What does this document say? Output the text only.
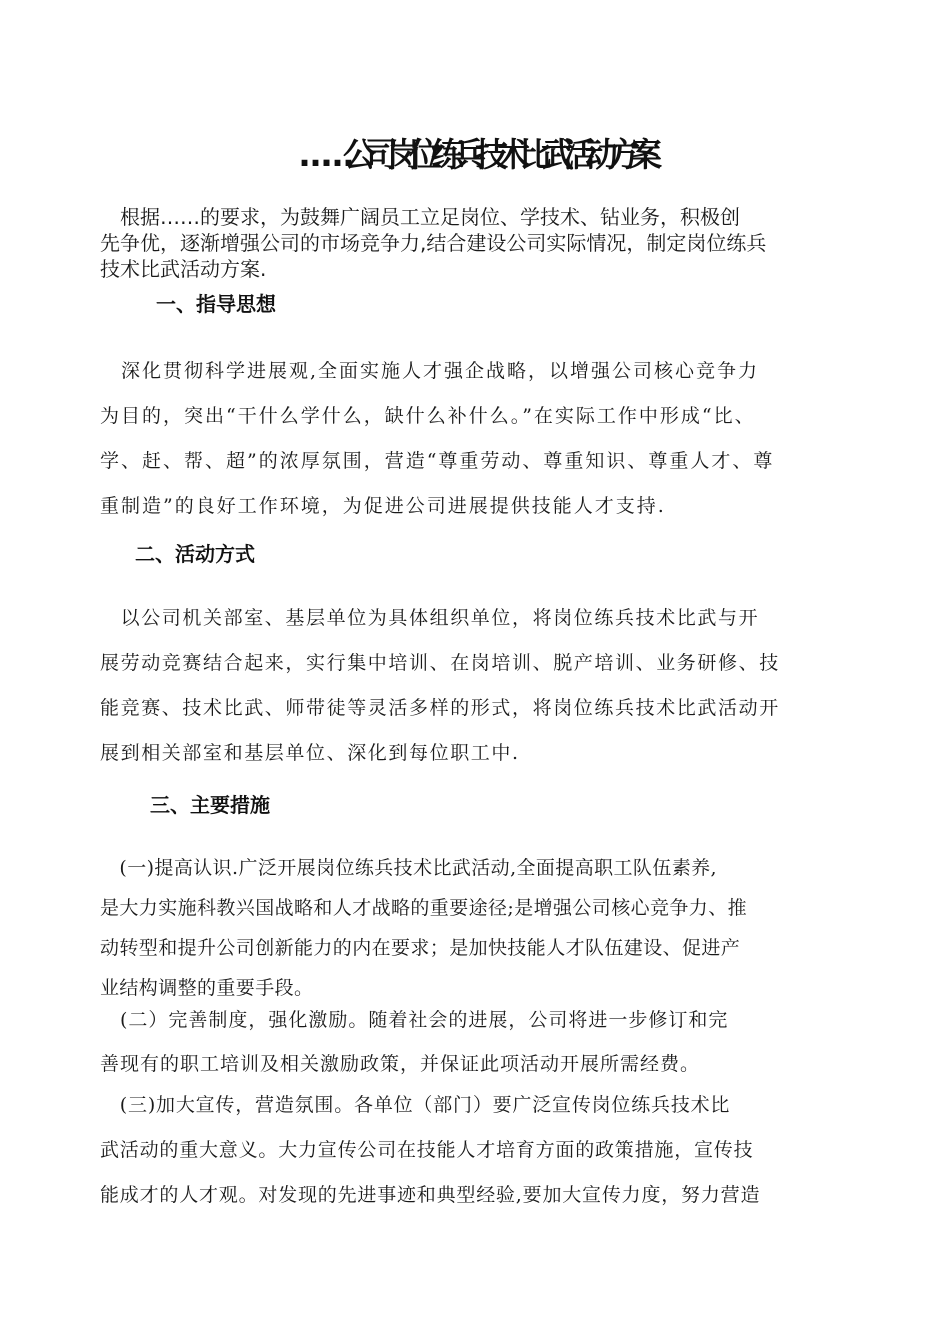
……公司岗位练兵技术比武活动方案

　根据……的要求，为鼓舞广阔员工立足岗位、学技术、钻业务，积极创
先争优，逐渐增强公司的市场竞争力,结合建设公司实际情况，制定岗位练兵
技术比武活动方案.

一、指导思想

　深化贯彻科学进展观,全面实施人才强企战略，以增强公司核心竞争力
为目的，突出“干什么学什么，缺什么补什么。”在实际工作中形成“比、
学、赶、帮、超”的浓厚氛围，营造“尊重劳动、尊重知识、尊重人才、尊
重制造”的良好工作环境，为促进公司进展提供技能人才支持.

二、活动方式

　以公司机关部室、基层单位为具体组织单位，将岗位练兵技术比武与开
展劳动竞赛结合起来，实行集中培训、在岗培训、脱产培训、业务研修、技
能竞赛、技术比武、师带徒等灵活多样的形式，将岗位练兵技术比武活动开
展到相关部室和基层单位、深化到每位职工中.

三、主要措施

　(一)提高认识.广泛开展岗位练兵技术比武活动,全面提高职工队伍素养,
是大力实施科教兴国战略和人才战略的重要途径;是增强公司核心竞争力、推
动转型和提升公司创新能力的内在要求；是加快技能人才队伍建设、促进产
业结构调整的重要手段。

　(二）完善制度，强化激励。随着社会的进展，公司将进一步修订和完
善现有的职工培训及相关激励政策，并保证此项活动开展所需经费。

　(三)加大宣传，营造氛围。各单位（部门）要广泛宣传岗位练兵技术比
武活动的重大意义。大力宣传公司在技能人才培育方面的政策措施，宣传技
能成才的人才观。对发现的先进事迹和典型经验,要加大宣传力度，努力营造
